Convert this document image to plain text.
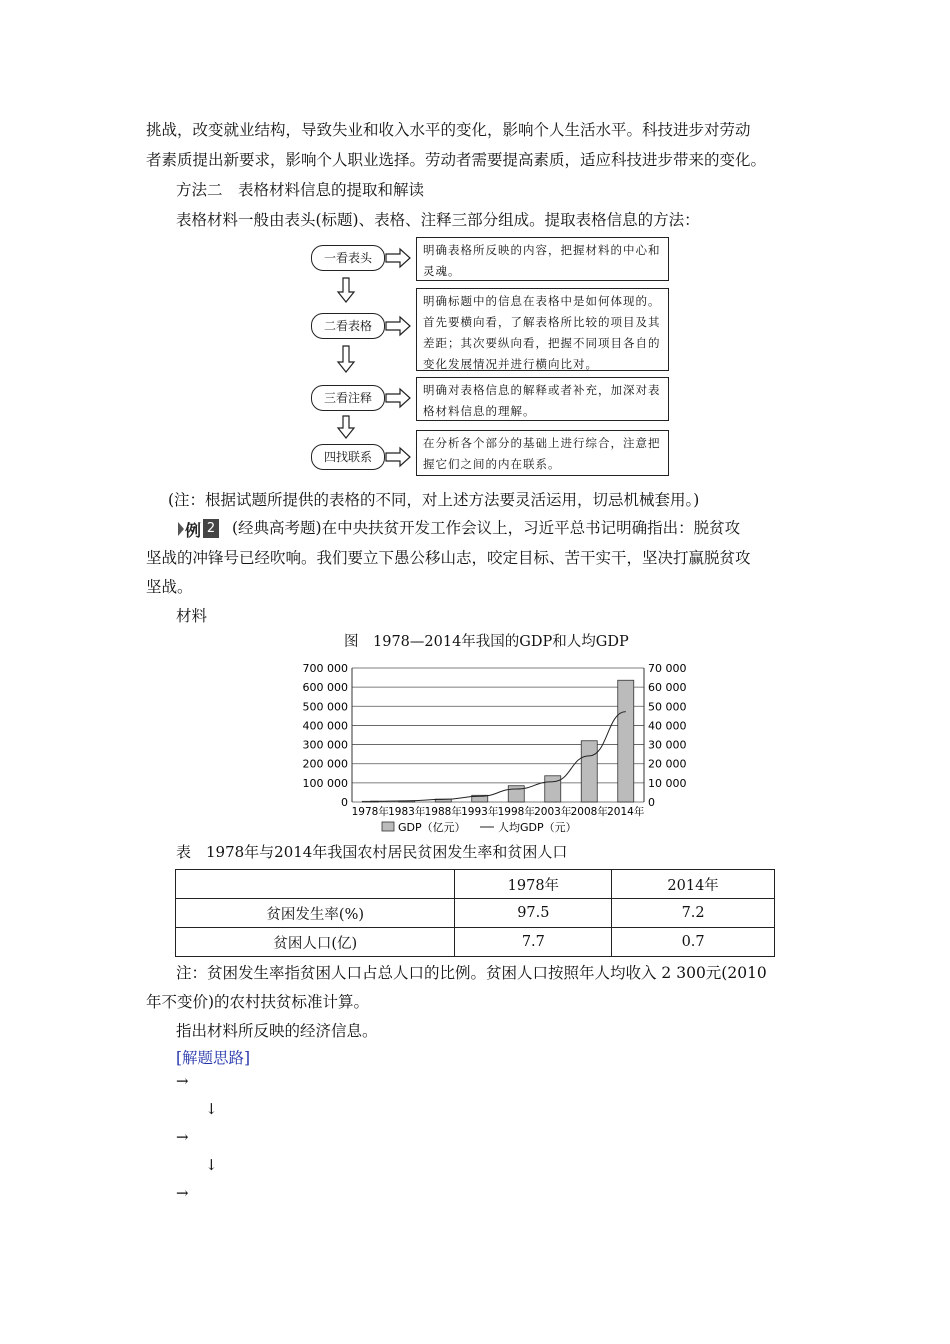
挑战，改变就业结构，导致失业和收入水平的变化，影响个人生活水平。科技进步对劳动
者素质提出新要求，影响个人职业选择。劳动者需要提高素质，适应科技进步带来的变化。
方法二　表格材料信息的提取和解读
表格材料一般由表头(标题)、表格、注释三部分组成。提取表格信息的方法：
一看表头
二看表格
三看注释
四找联系
明确表格所反映的内容，把握材料的中心和灵魂。
明确标题中的信息在表格中是如何体现的。首先要横向看，了解表格所比较的项目及其差距；其次要纵向看，把握不同项目各自的变化发展情况并进行横向比对。
明确对表格信息的解释或者补充，加深对表格材料信息的理解。
在分析各个部分的基础上进行综合，注意把握它们之间的内在联系。
(注：根据试题所提供的表格的不同，对上述方法要灵活运用，切忌机械套用。)
例 2 (经典高考题)在中央扶贫开发工作会议上，习近平总书记明确指出：脱贫攻
坚战的冲锋号已经吹响。我们要立下愚公移山志，咬定目标、苦干实干，坚决打赢脱贫攻
坚战。
材料
图　1978—2014年我国的GDP和人均GDP
700 000
600 000
500 000
400 000
300 000
200 000
100 000
0
70 000
60 000
50 000
40 000
30 000
20 000
10 000
0
1978年 1983年 1988年 1993年 1998年 2003年 2008年 2014年
GDP（亿元）	人均GDP（元）
表　1978年与2014年我国农村居民贫困发生率和贫困人口
	1978年	2014年
贫困发生率(%)	97.5	7.2
贫困人口(亿)	7.7	0.7
注：贫困发生率指贫困人口占总人口的比例。贫困人口按照年人均收入 2 300元(2010
年不变价)的农村扶贫标准计算。
指出材料所反映的经济信息。
[解题思路]
→
↓
→
↓
→
